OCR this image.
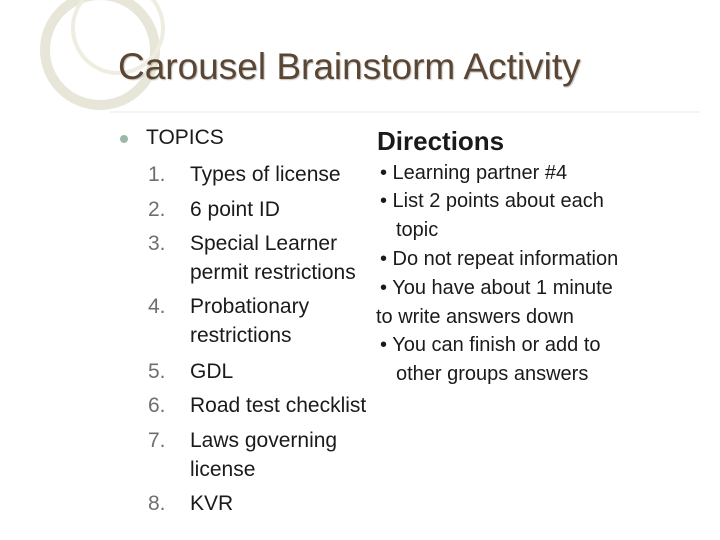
Carousel Brainstorm Activity
TOPICS
1. Types of license
2. 6 point ID
3. Special Learner
permit restrictions
4. Probationary
restrictions
5. GDL
6. Road test checklist
7. Laws governing
license
8. KVR
Directions
• Learning partner #4
• List 2 points about each
topic
• Do not repeat information
• You have about 1 minute
to write answers down
• You can finish or add to
other groups answers
